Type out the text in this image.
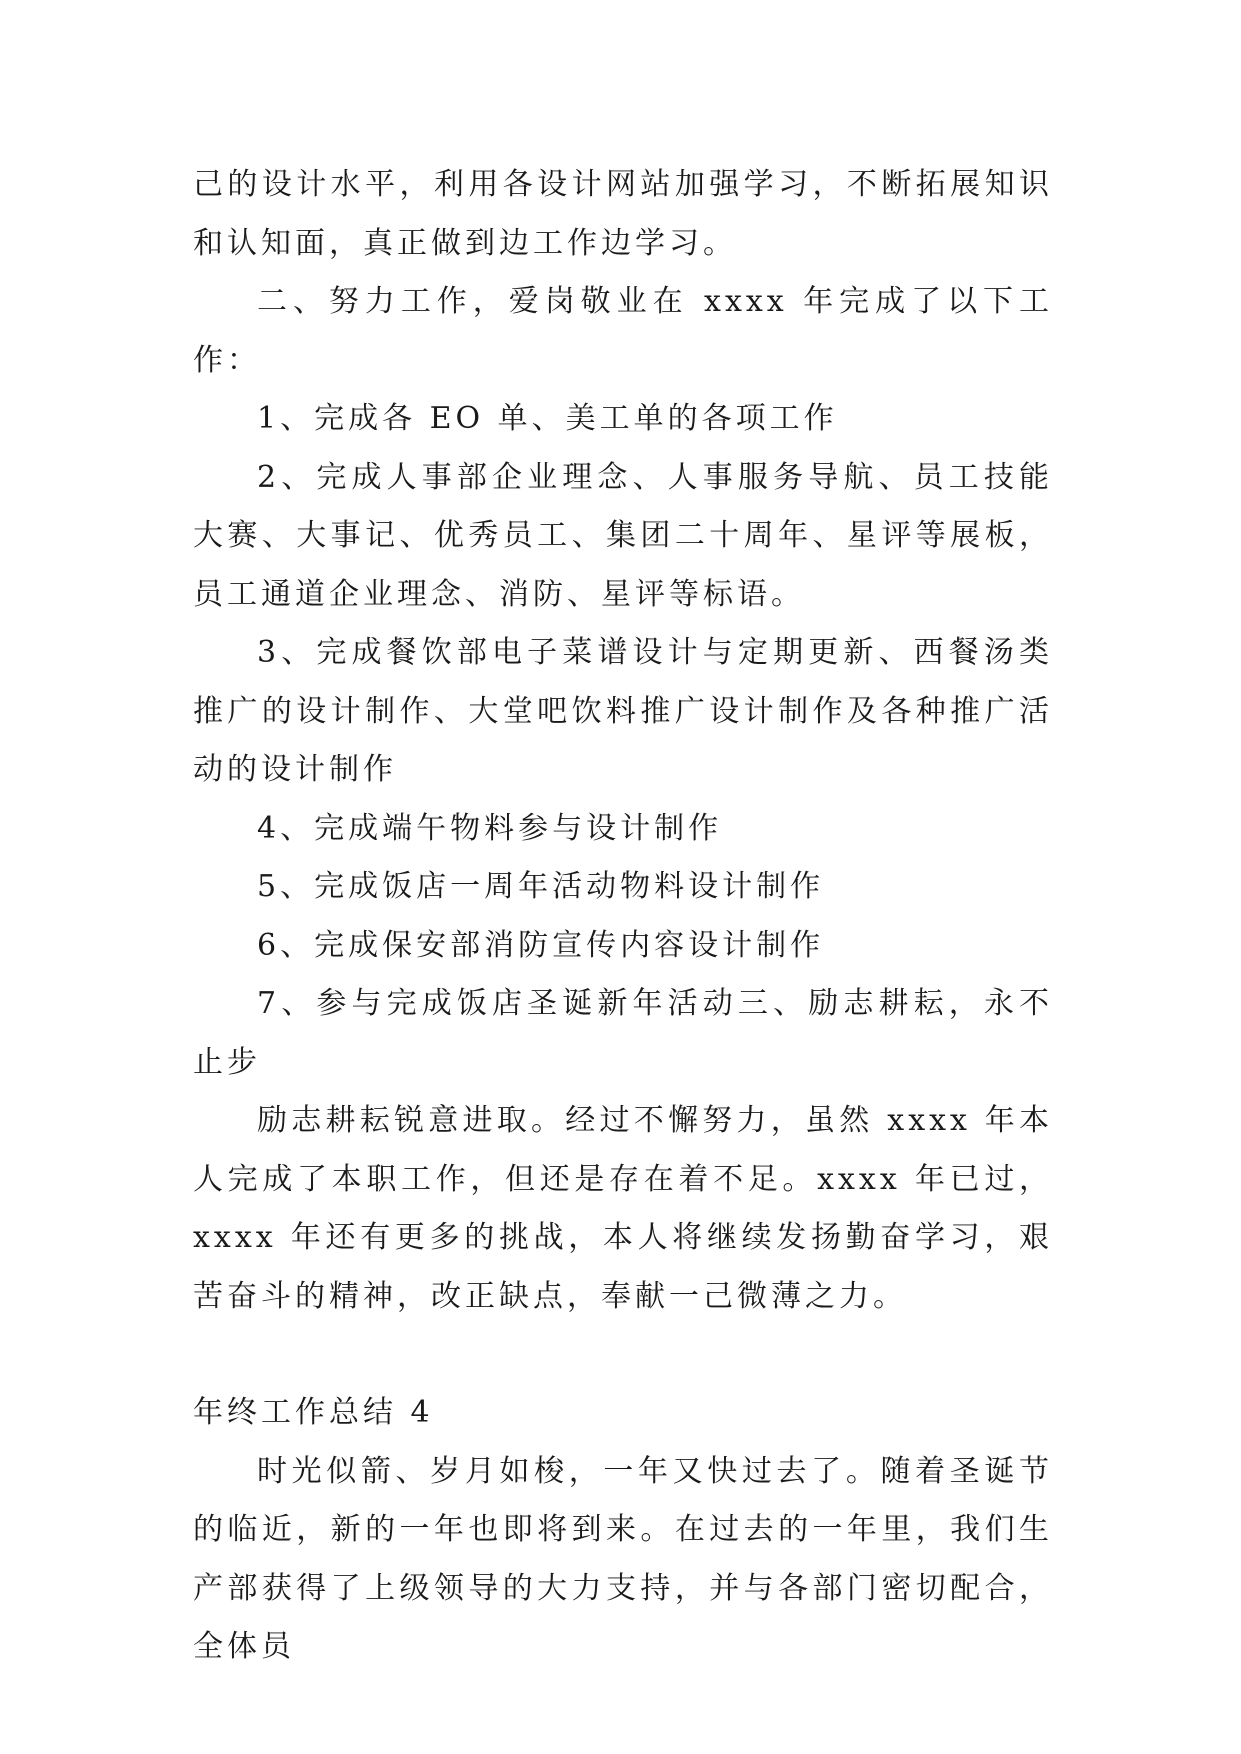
己的设计水平，利用各设计网站加强学习，不断拓展知识和认知面，真正做到边工作边学习。

二、努力工作，爱岗敬业在 xxxx 年完成了以下工作：

1、完成各 EO 单、美工单的各项工作

2、完成人事部企业理念、人事服务导航、员工技能大赛、大事记、优秀员工、集团二十周年、星评等展板，员工通道企业理念、消防、星评等标语。

3、完成餐饮部电子菜谱设计与定期更新、西餐汤类推广的设计制作、大堂吧饮料推广设计制作及各种推广活动的设计制作

4、完成端午物料参与设计制作

5、完成饭店一周年活动物料设计制作

6、完成保安部消防宣传内容设计制作

7、参与完成饭店圣诞新年活动三、励志耕耘，永不止步

励志耕耘锐意进取。经过不懈努力，虽然 xxxx 年本人完成了本职工作，但还是存在着不足。xxxx 年已过，xxxx 年还有更多的挑战，本人将继续发扬勤奋学习，艰苦奋斗的精神，改正缺点，奉献一己微薄之力。

年终工作总结 4

时光似箭、岁月如梭，一年又快过去了。随着圣诞节的临近，新的一年也即将到来。在过去的一年里，我们生产部获得了上级领导的大力支持，并与各部门密切配合，全体员
